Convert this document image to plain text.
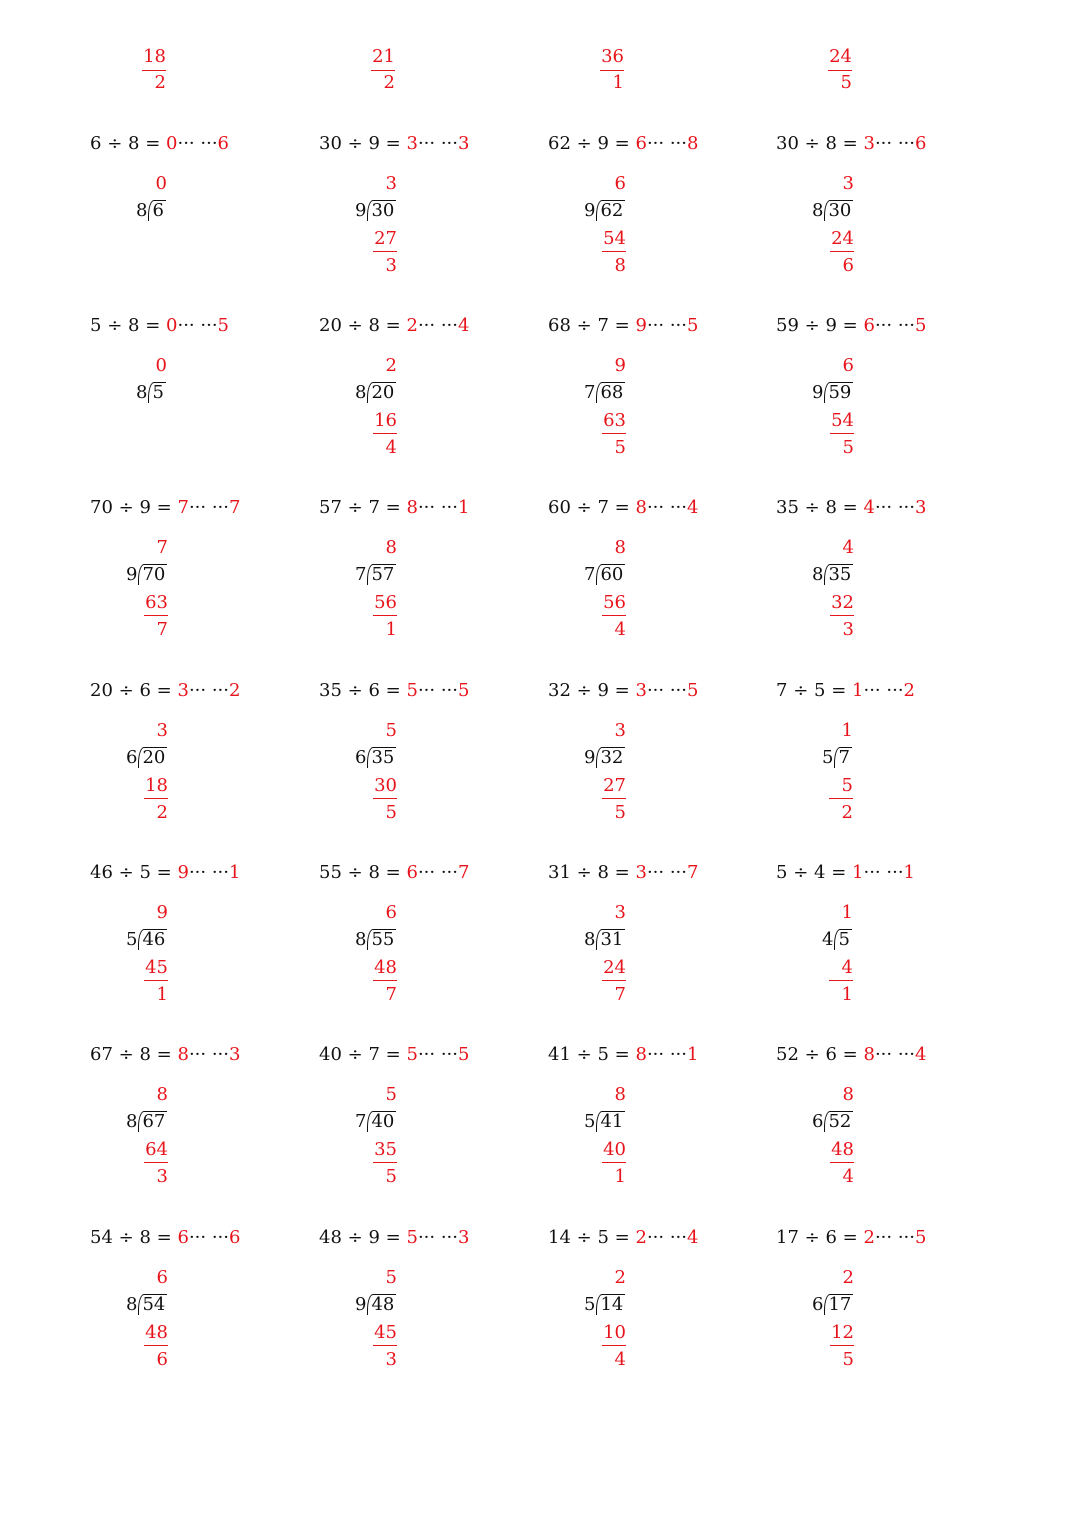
18
2
21
2
36
1
24
5
6 ÷ 8 = 0··· ···6
8 6
0
30 ÷ 9 = 3··· ···3
9 30
3
27
3
62 ÷ 9 = 6··· ···8
9 62
6
54
8
30 ÷ 8 = 3··· ···6
8 30
3
24
6
5 ÷ 8 = 0··· ···5
8 5
0
20 ÷ 8 = 2··· ···4
8 20
2
16
4
68 ÷ 7 = 9··· ···5
7 68
9
63
5
59 ÷ 9 = 6··· ···5
9 59
6
54
5
70 ÷ 9 = 7··· ···7
9 70
7
63
7
57 ÷ 7 = 8··· ···1
7 57
8
56
1
60 ÷ 7 = 8··· ···4
7 60
8
56
4
35 ÷ 8 = 4··· ···3
8 35
4
32
3
20 ÷ 6 = 3··· ···2
6 20
3
18
2
35 ÷ 6 = 5··· ···5
6 35
5
30
5
32 ÷ 9 = 3··· ···5
9 32
3
27
5
7 ÷ 5 = 1··· ···2
5 7
1
5
2
46 ÷ 5 = 9··· ···1
5 46
9
45
1
55 ÷ 8 = 6··· ···7
8 55
6
48
7
31 ÷ 8 = 3··· ···7
8 31
3
24
7
5 ÷ 4 = 1··· ···1
4 5
1
4
1
67 ÷ 8 = 8··· ···3
8 67
8
64
3
40 ÷ 7 = 5··· ···5
7 40
5
35
5
41 ÷ 5 = 8··· ···1
5 41
8
40
1
52 ÷ 6 = 8··· ···4
6 52
8
48
4
54 ÷ 8 = 6··· ···6
8 54
6
48
6
48 ÷ 9 = 5··· ···3
9 48
5
45
3
14 ÷ 5 = 2··· ···4
5 14
2
10
4
17 ÷ 6 = 2··· ···5
6 17
2
12
5
